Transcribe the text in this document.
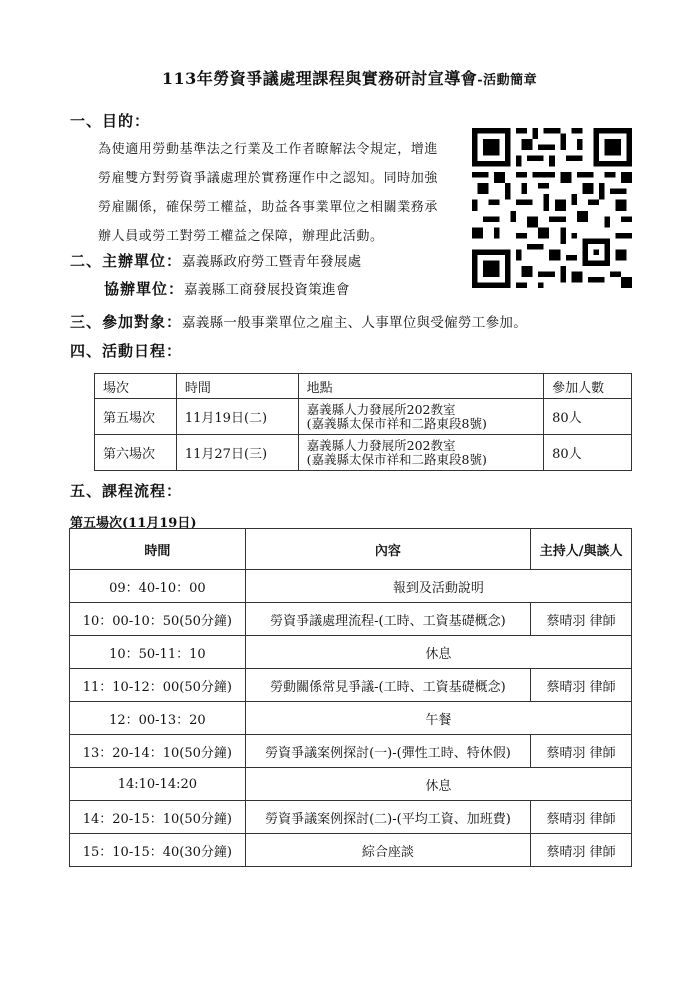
113年勞資爭議處理課程與實務研討宣導會-活動簡章
一、目的：
為使適用勞動基準法之行業及工作者瞭解法令規定，增進
勞雇雙方對勞資爭議處理於實務運作中之認知。同時加強
勞雇關係，確保勞工權益，助益各事業單位之相關業務承
辦人員或勞工對勞工權益之保障，辦理此活動。
二、主辦單位：嘉義縣政府勞工暨青年發展處
協辦單位：嘉義縣工商發展投資策進會
三、參加對象：嘉義縣一般事業單位之雇主、人事單位與受僱勞工參加。
四、活動日程：
場次	時間	地點	參加人數
第五場次	11月19日(二)	嘉義縣人力發展所202教室
(嘉義縣太保市祥和二路東段8號)	80人
第六場次	11月27日(三)	嘉義縣人力發展所202教室
(嘉義縣太保市祥和二路東段8號)	80人
五、課程流程：
第五場次(11月19日)
時間	內容	主持人/與談人
09：40-10：00	報到及活動說明	
10：00-10：50(50分鐘)	勞資爭議處理流程-(工時、工資基礎概念)	蔡晴羽 律師
10：50-11：10	休息	
11：10-12：00(50分鐘)	勞動關係常見爭議-(工時、工資基礎概念)	蔡晴羽 律師
12：00-13：20	午餐	
13：20-14：10(50分鐘)	勞資爭議案例探討(一)-(彈性工時、特休假)	蔡晴羽 律師
14:10-14:20	休息	
14：20-15：10(50分鐘)	勞資爭議案例探討(二)-(平均工資、加班費)	蔡晴羽 律師
15：10-15：40(30分鐘)	綜合座談	蔡晴羽 律師
